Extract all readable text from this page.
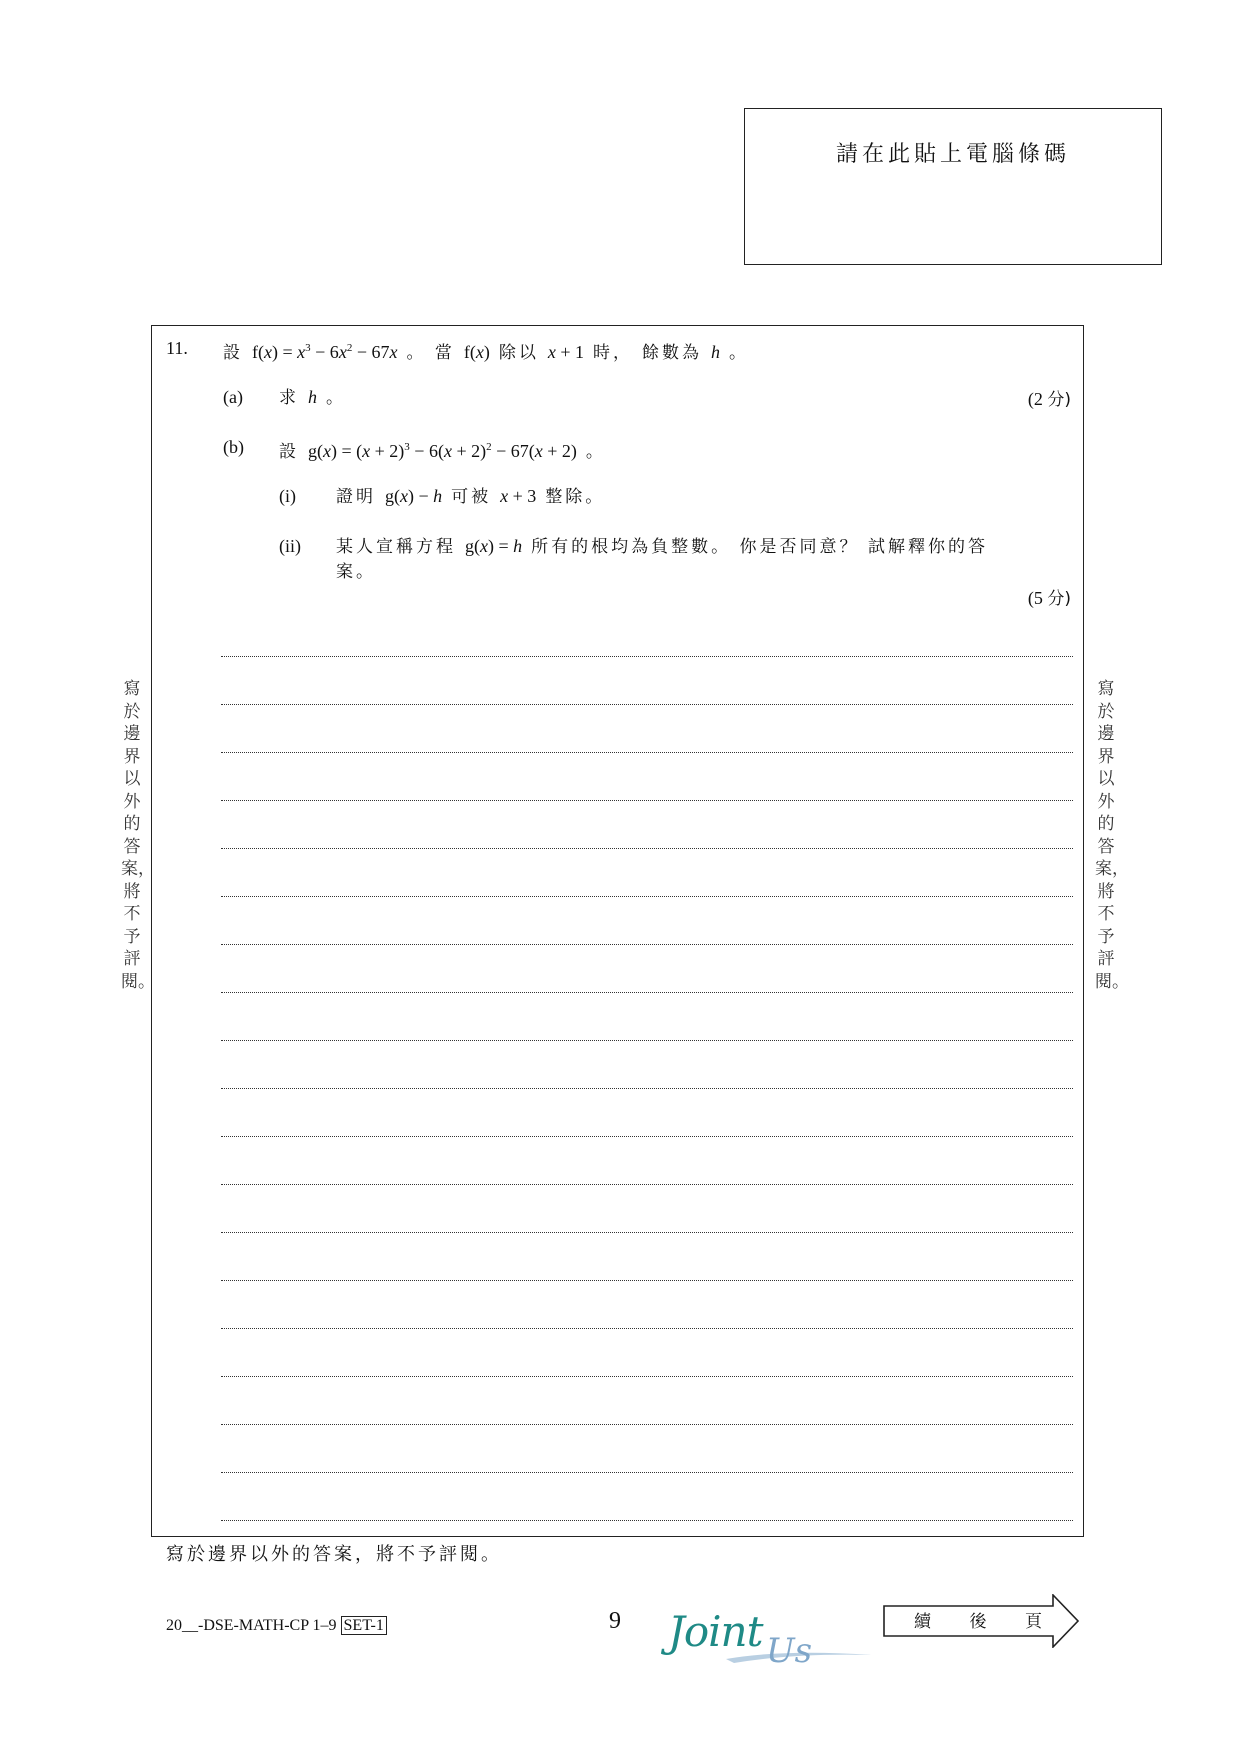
請在此貼上電腦條碼
寫於邊界以外的答案，將不予評閱。
寫於邊界以外的答案，將不予評閱。
11. 設 $f(x) = x^3 - 6x^2 - 67x$ 。 當 f(x) 除以 x + 1 時， 餘數為 h 。
(a) 求 h 。	(2 分)
(b) 設 $g(x) = (x + 2)^3 - 6(x + 2)^2 - 67(x + 2)$ 。
(i) 證明 g(x) − h 可被 x + 3 整除。
(ii) 某人宣稱方程 g(x) = h 所有的根均為負整數。 你是否同意？ 試解釋你的答
案。
(5 分)
寫於邊界以外的答案，將不予評閱。
20__-DSE-MATH-CP 1–9 SET-1	9 Joint Us
續 後 頁
